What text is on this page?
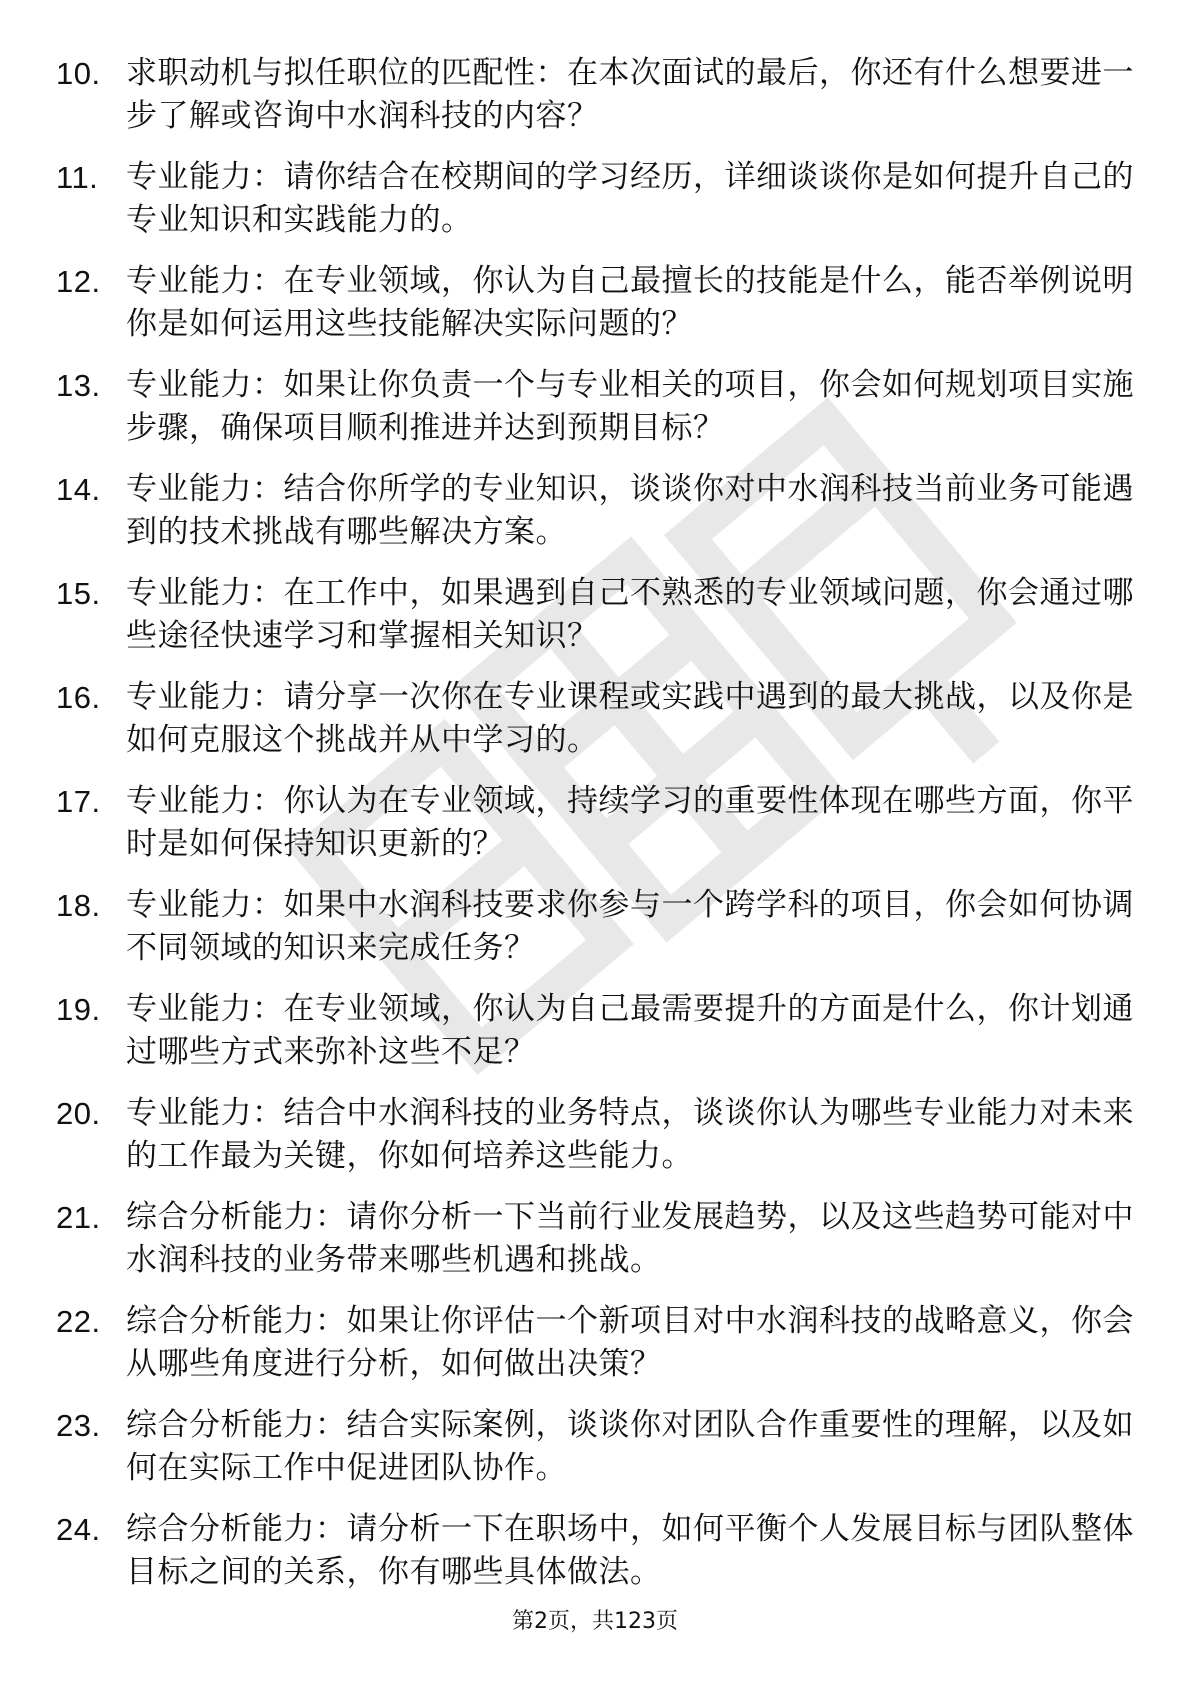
10. 求职动机与拟任职位的匹配性：在本次面试的最后，你还有什么想要进一步了解或咨询中水润科技的内容？
11. 专业能力：请你结合在校期间的学习经历，详细谈谈你是如何提升自己的专业知识和实践能力的。
12. 专业能力：在专业领域，你认为自己最擅长的技能是什么，能否举例说明你是如何运用这些技能解决实际问题的？
13. 专业能力：如果让你负责一个与专业相关的项目，你会如何规划项目实施步骤，确保项目顺利推进并达到预期目标？
14. 专业能力：结合你所学的专业知识，谈谈你对中水润科技当前业务可能遇到的技术挑战有哪些解决方案。
15. 专业能力：在工作中，如果遇到自己不熟悉的专业领域问题，你会通过哪些途径快速学习和掌握相关知识？
16. 专业能力：请分享一次你在专业课程或实践中遇到的最大挑战，以及你是如何克服这个挑战并从中学习的。
17. 专业能力：你认为在专业领域，持续学习的重要性体现在哪些方面，你平时是如何保持知识更新的？
18. 专业能力：如果中水润科技要求你参与一个跨学科的项目，你会如何协调不同领域的知识来完成任务？
19. 专业能力：在专业领域，你认为自己最需要提升的方面是什么，你计划通过哪些方式来弥补这些不足？
20. 专业能力：结合中水润科技的业务特点，谈谈你认为哪些专业能力对未来的工作最为关键，你如何培养这些能力。
21. 综合分析能力：请你分析一下当前行业发展趋势，以及这些趋势可能对中水润科技的业务带来哪些机遇和挑战。
22. 综合分析能力：如果让你评估一个新项目对中水润科技的战略意义，你会从哪些角度进行分析，如何做出决策？
23. 综合分析能力：结合实际案例，谈谈你对团队合作重要性的理解，以及如何在实际工作中促进团队协作。
24. 综合分析能力：请分析一下在职场中，如何平衡个人发展目标与团队整体目标之间的关系，你有哪些具体做法。
第2页，共123页
